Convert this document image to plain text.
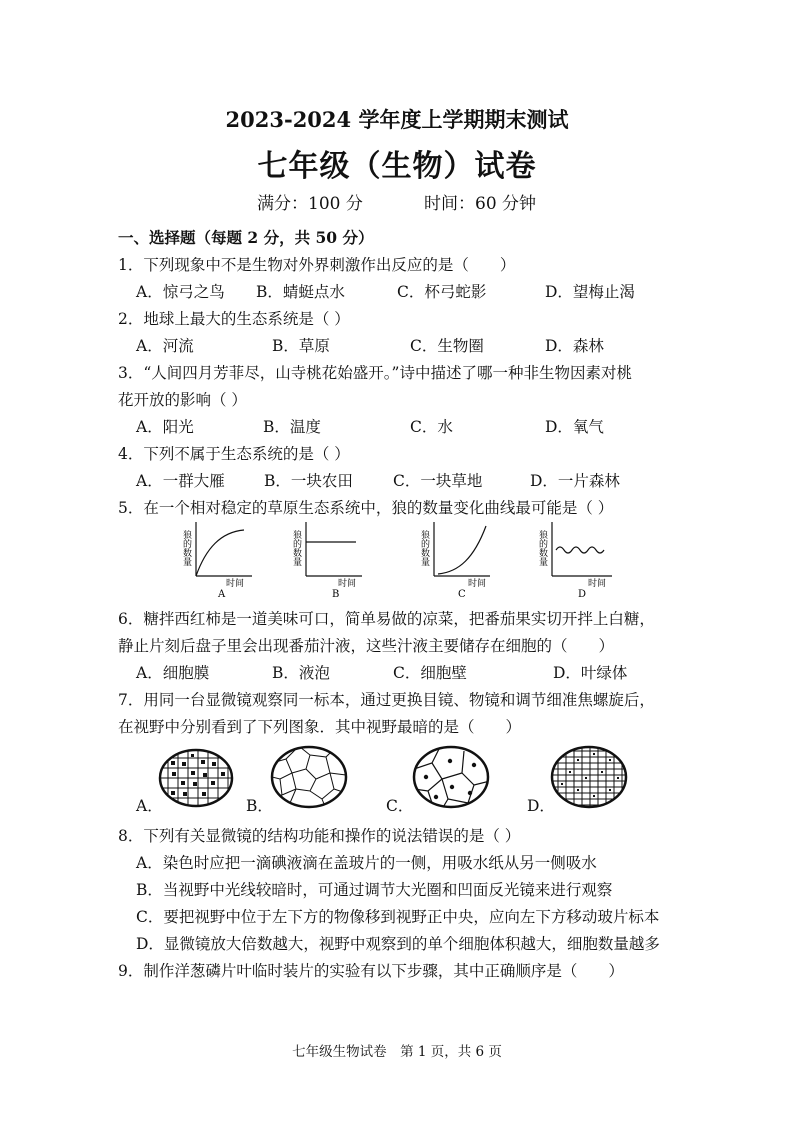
2023-2024 学年度上学期期末测试
七年级（生物）试卷
满分：100 分	时间：60 分钟
一、选择题（每题 2 分，共 50 分）
1．下列现象中不是生物对外界刺激作出反应的是（　　）
A．惊弓之鸟 B．蜻蜓点水	C．杯弓蛇影	D．望梅止渴
2．地球上最大的生态系统是（ ）
A．河流	B．草原	C．生物圈	D．森林
3．“人间四月芳菲尽，山寺桃花始盛开。”诗中描述了哪一种非生物因素对桃
花开放的影响（ ）
A．阳光	B．温度	C．水	D．氧气
4．下列不属于生态系统的是（ ）
A．一群大雁	B．一块农田	C．一块草地	D．一片森林
5．在一个相对稳定的草原生态系统中，狼的数量变化曲线最可能是（ ）
狼的数量
时间
A
狼的数量
时间
B
狼的数量
时间
C
狼的数量
时间
D
6．糖拌西红柿是一道美味可口，简单易做的凉菜，把番茄果实切开拌上白糖，
静止片刻后盘子里会出现番茄汁液，这些汁液主要储存在细胞的（　　）
A．细胞膜	B．液泡	C．细胞壁	D．叶绿体
7．用同一台显微镜观察同一标本，通过更换目镜、物镜和调节细准焦螺旋后，
在视野中分别看到了下列图象．其中视野最暗的是（　　）
A．	B．	C．	D．
8．下列有关显微镜的结构功能和操作的说法错误的是（ ）
A．染色时应把一滴碘液滴在盖玻片的一侧，用吸水纸从另一侧吸水
B．当视野中光线较暗时，可通过调节大光圈和凹面反光镜来进行观察
C．要把视野中位于左下方的物像移到视野正中央，应向左下方移动玻片标本
D．显微镜放大倍数越大，视野中观察到的单个细胞体积越大，细胞数量越多
9．制作洋葱磷片叶临时装片的实验有以下步骤，其中正确顺序是（　　）
七年级生物试卷　第 1 页，共 6 页
